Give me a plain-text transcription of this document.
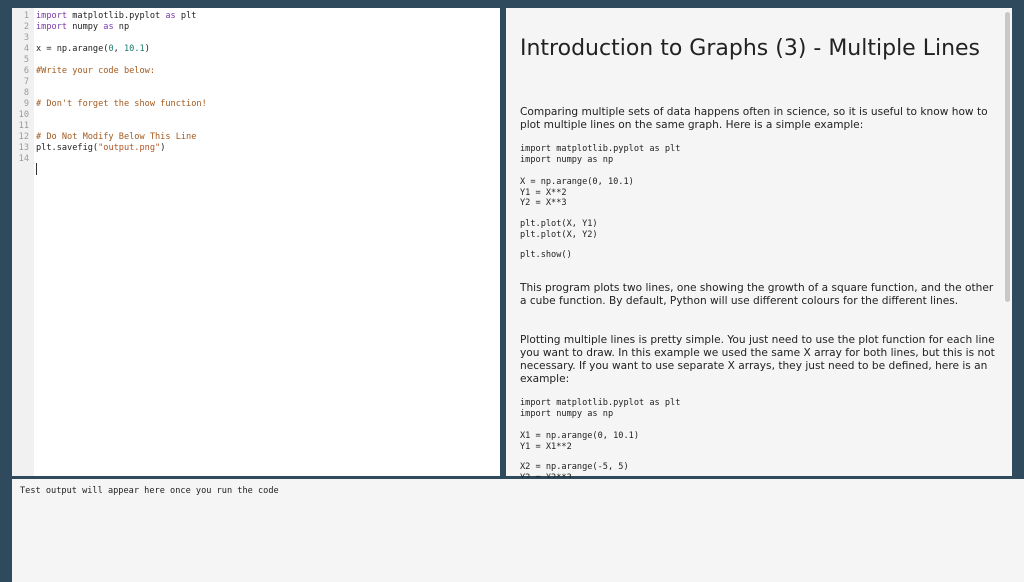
1 import matplotlib.pyplot as plt
2 import numpy as np
3
4 x = np.arange(0, 10.1)
5
6 #Write your code below:
7
8
9 # Don't forget the show function!
10
11
12 # Do Not Modify Below This Line
13 plt.savefig("output.png")
14
Introduction to Graphs (3) - Multiple Lines
Comparing multiple sets of data happens often in science, so it is useful to know how to plot multiple lines on the same graph. Here is a simple example:
import matplotlib.pyplot as plt
import numpy as np
X = np.arange(0, 10.1)
Y1 = X**2
Y2 = X**3
plt.plot(X, Y1)
plt.plot(X, Y2)
plt.show()
This program plots two lines, one showing the growth of a square function, and the other a cube function. By default, Python will use different colours for the different lines.
Plotting multiple lines is pretty simple. You just need to use the plot function for each line you want to draw. In this example we used the same X array for both lines, but this is not necessary. If you want to use separate X arrays, they just need to be defined, here is an example:
import matplotlib.pyplot as plt
import numpy as np
X1 = np.arange(0, 10.1)
Y1 = X1**2
X2 = np.arange(-5, 5)

Test output will appear here once you run the code
